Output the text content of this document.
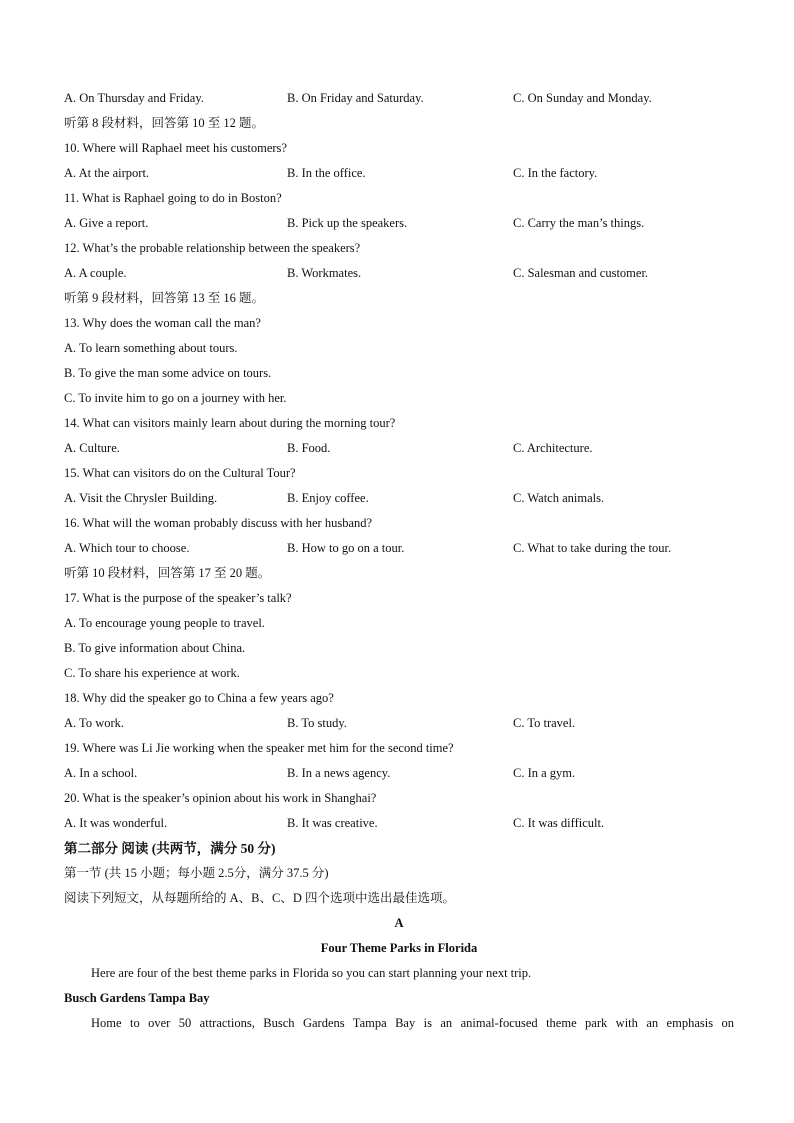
A. On Thursday and Friday.	B. On Friday and Saturday.	C. On Sunday and Monday.
听第 8 段材料，回答第 10 至 12 题。
10. Where will Raphael meet his customers?
A. At the airport.	B. In the office.	C. In the factory.
11. What is Raphael going to do in Boston?
A. Give a report.	B. Pick up the speakers.	C. Carry the man’s things.
12. What’s the probable relationship between the speakers?
A. A couple.	B. Workmates.	C. Salesman and customer.
听第 9 段材料，回答第 13 至 16 题。
13. Why does the woman call the man?
A. To learn something about tours.
B. To give the man some advice on tours.
C. To invite him to go on a journey with her.
14. What can visitors mainly learn about during the morning tour?
A. Culture.	B. Food.	C. Architecture.
15. What can visitors do on the Cultural Tour?
A. Visit the Chrysler Building.	B. Enjoy coffee.	C. Watch animals.
16. What will the woman probably discuss with her husband?
A. Which tour to choose.	B. How to go on a tour.	C. What to take during the tour.
听第 10 段材料，回答第 17 至 20 题。
17. What is the purpose of the speaker’s talk?
A. To encourage young people to travel.
B. To give information about China.
C. To share his experience at work.
18. Why did the speaker go to China a few years ago?
A. To work.	B. To study.	C. To travel.
19. Where was Li Jie working when the speaker met him for the second time?
A. In a school.	B. In a news agency.	C. In a gym.
20. What is the speaker’s opinion about his work in Shanghai?
A. It was wonderful.	B. It was creative.	C. It was difficult.
第二部分 阅读 (共两节，满分 50 分)
第一节 (共 15 小题；每小题 2.5分，满分 37.5 分)
阅读下列短文，从每题所给的 A、B、C、D 四个选项中选出最佳选项。
A
Four Theme Parks in Florida
Here are four of the best theme parks in Florida so you can start planning your next trip.
Busch Gardens Tampa Bay
Home to over 50 attractions, Busch Gardens Tampa Bay is an animal-focused theme park with an emphasis on
